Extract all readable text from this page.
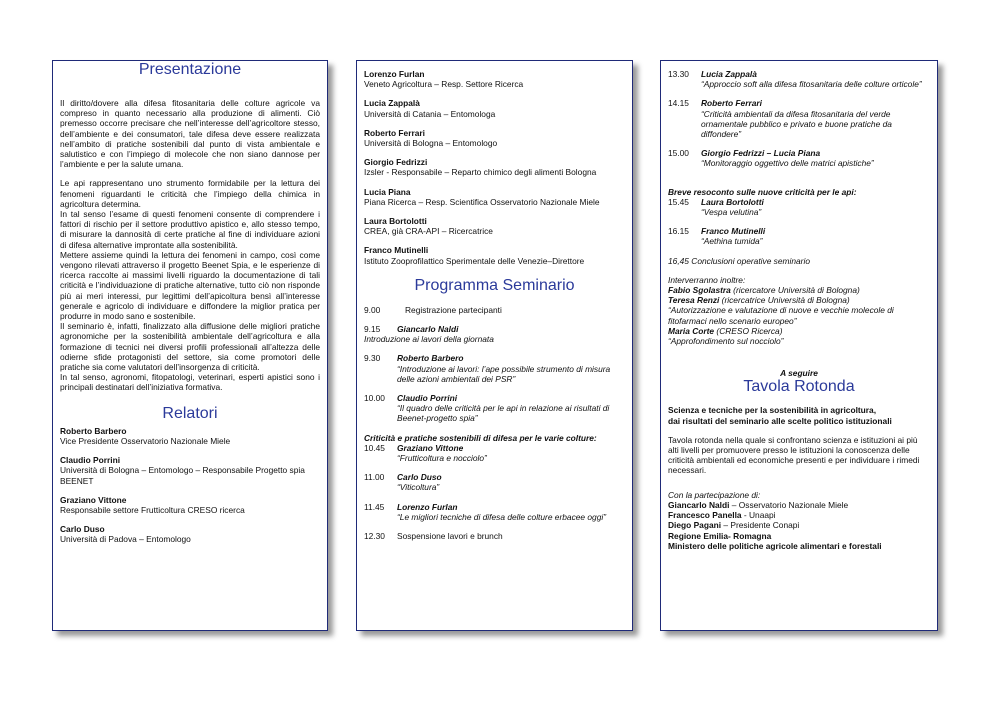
Presentazione

Il diritto/dovere alla difesa fitosanitaria delle colture agricole va compreso in quanto necessario alla produzione di alimenti. Ciò premesso occorre precisare che nell’interesse dell’agricoltore stesso, dell’ambiente e dei consumatori, tale difesa deve essere realizzata nell’ambito di pratiche sostenibili dal punto di vista ambientale e salutistico e con l’impiego di molecole che non siano dannose per l’ambiente e per la salute umana.

Le api rappresentano uno strumento formidabile per la lettura dei fenomeni riguardanti le criticità che l’impiego della chimica in agricoltura determina.

In tal senso l’esame di questi fenomeni consente di comprendere i fattori di rischio per il settore produttivo apistico e, allo stesso tempo, di misurare la dannosità di certe pratiche al fine di individuare azioni di difesa alternative improntate alla sostenibilità.

Mettere assieme quindi la lettura dei fenomeni in campo, così come vengono rilevati attraverso il progetto Beenet Spia, e le esperienze di ricerca raccolte ai massimi livelli riguardo la documentazione di tali criticità e l’individuazione di pratiche alternative, tutto ciò non risponde più ai meri interessi, pur legittimi dell’apicoltura bensì all’interesse generale e agricolo di individuare e diffondere la miglior pratica per produrre in modo sano e sostenibile.

Il seminario è, infatti, finalizzato alla diffusione delle migliori pratiche agronomiche per la sostenibilità ambientale dell’agricoltura e alla formazione di tecnici nei diversi profili professionali all’altezza delle odierne sfide protagonisti del settore, sia come promotori delle pratiche sia come valutatori dell’insorgenza di criticità.

In tal senso, agronomi, fitopatologi, veterinari, esperti apistici sono i principali destinatari dell’iniziativa formativa.

Relatori

Roberto Barbero

Vice Presidente Osservatorio Nazionale Miele

Claudio Porrini

Università di Bologna – Entomologo – Responsabile Progetto spia BEENET

Graziano Vittone

Responsabile settore Frutticoltura CRESO ricerca

Carlo Duso

Università di Padova – Entomologo

Lorenzo Furlan

Veneto Agricoltura – Resp. Settore Ricerca

Lucia Zappalà

Università di Catania – Entomologa

Roberto Ferrari

Università di Bologna – Entomologo

Giorgio Fedrizzi

Izsler - Responsabile – Reparto chimico degli alimenti Bologna

Lucia Piana

Piana Ricerca – Resp. Scientifica Osservatorio Nazionale Miele

Laura Bortolotti

CREA, già CRA-API – Ricercatrice

Franco Mutinelli

Istituto Zooprofilattico Sperimentale delle Venezie–Direttore

Programma Seminario
9.00	Registrazione partecipanti
9.15	Giancarlo Naldi

Introduzione ai lavori della giornata

9.30	Roberto Barbero
“Introduzione ai lavori: l’ape possibile strumento di misura delle azioni ambientali dei PSR”
10.00	Claudio Porrini
“Il quadro delle criticità per le api in relazione ai risultati di Beenet-progetto spia”

Criticità e pratiche sostenibili di difesa per le varie colture:

10.45	Graziano Vittone
“Frutticoltura e nocciolo”
11.00	Carlo Duso
“Viticoltura”
11.45	Lorenzo Furlan
“Le migliori tecniche di difesa delle colture erbacee oggi”
12.30	Sospensione lavori e brunch
13.30	Lucia Zappalà
“Approccio soft alla difesa fitosanitaria delle colture orticole”
14.15	Roberto Ferrari
“Criticità ambientali da difesa fitosanitaria del verde ornamentale pubblico e privato e buone pratiche da diffondere”
15.00	Giorgio Fedrizzi – Lucia Piana
“Monitoraggio oggettivo delle matrici apistiche”

Breve resoconto sulle nuove criticità per le api:

15.45	Laura Bortolotti
“Vespa velutina”
16.15	Franco Mutinelli
“Aethina tumida”

16,45 Conclusioni operative seminario

Interverranno inoltre:

Fabio Sgolastra (ricercatore Università di Bologna)

Teresa Renzi (ricercatrice Università di Bologna)

“Autorizzazione e valutazione di nuove e vecchie molecole di fitofarmaci nello scenario europeo”

Maria Corte (CRESO Ricerca)

“Approfondimento sul nocciolo”

A seguire

Tavola Rotonda

Scienza e tecniche per la sostenibilità in agricoltura,

dai risultati del seminario alle scelte politico istituzionali

Tavola rotonda nella quale si confrontano scienza e istituzioni ai più alti livelli per promuovere presso le istituzioni la conoscenza delle criticità ambientali ed economiche presenti e per individuare i rimedi necessari.

Con la partecipazione di:

Giancarlo Naldi – Osservatorio Nazionale Miele

Francesco Panella - Unaapi

Diego Pagani – Presidente Conapi

Regione Emilia- Romagna

Ministero delle politiche agricole alimentari e forestali
